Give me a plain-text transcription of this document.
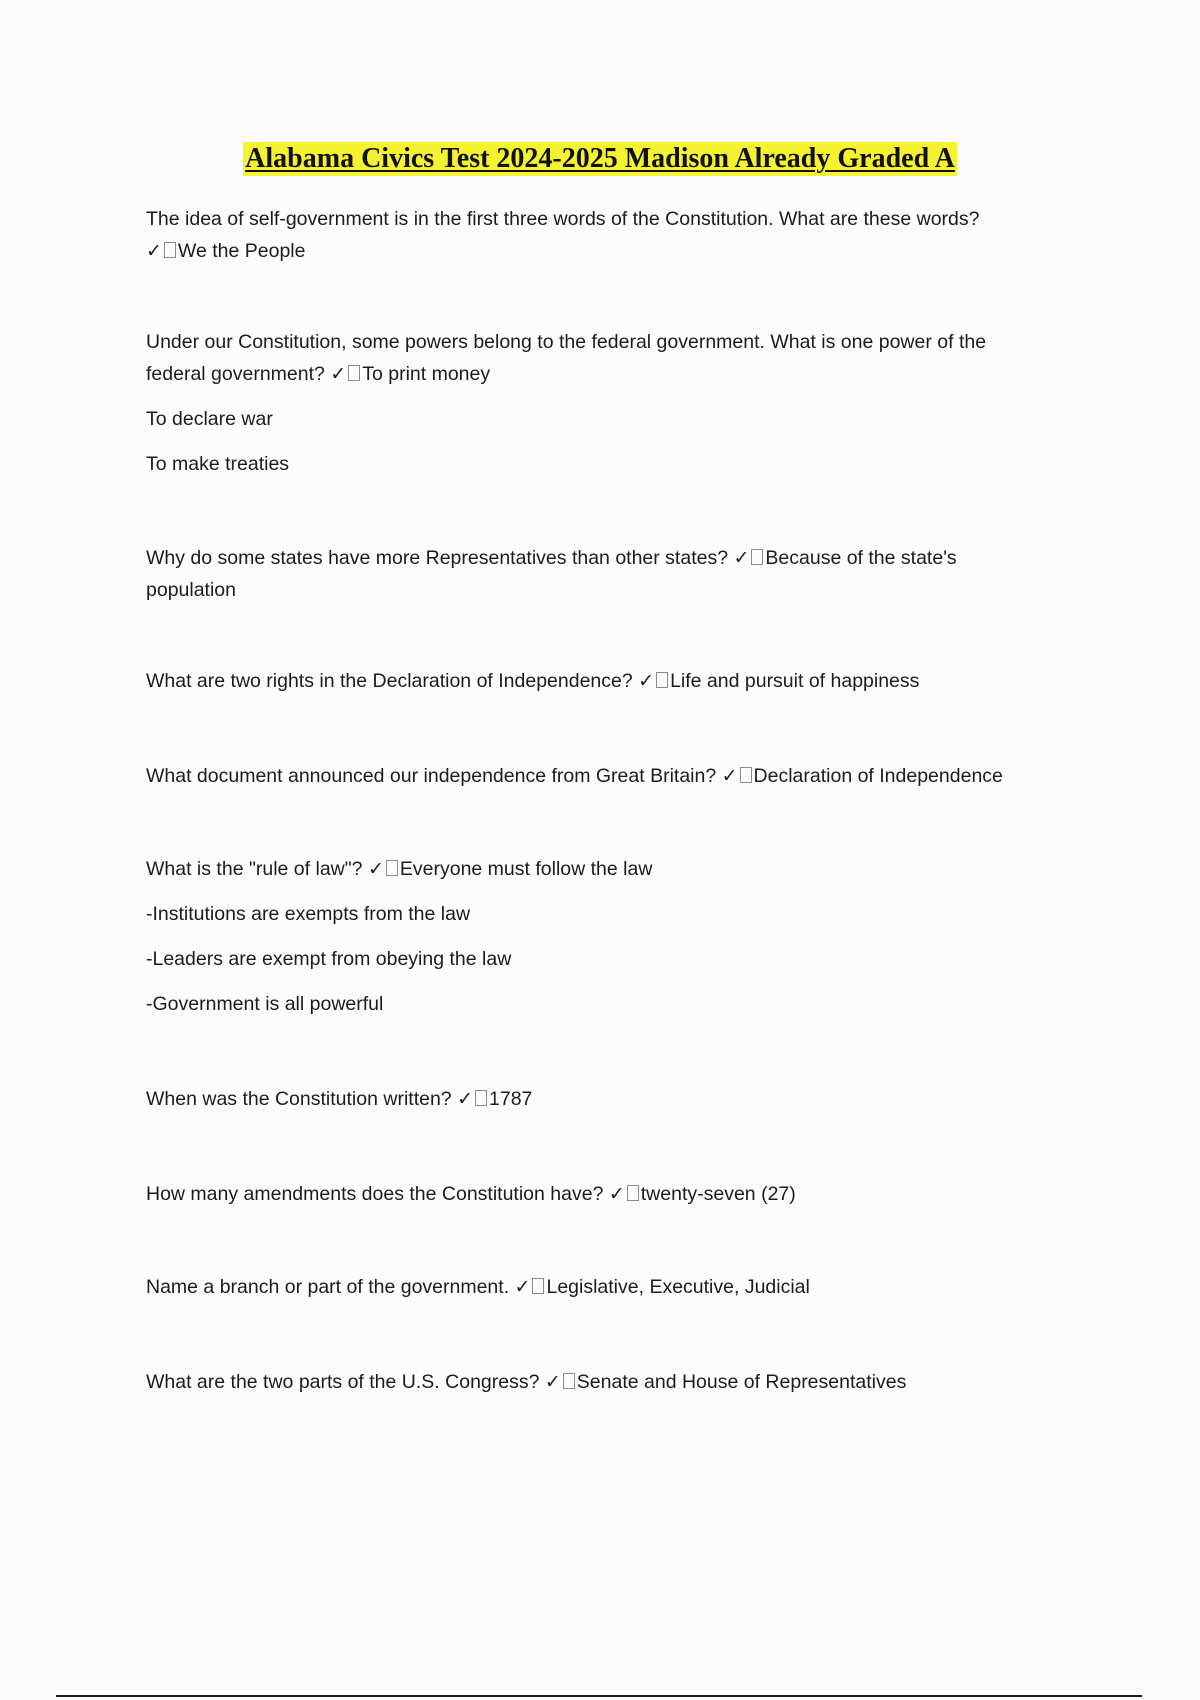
Alabama Civics Test 2024-2025 Madison Already Graded A
The idea of self-government is in the first three words of the Constitution. What are these words?
✓ We the People
Under our Constitution, some powers belong to the federal government. What is one power of the
federal government? ✓ To print money
To declare war
To make treaties
Why do some states have more Representatives than other states? ✓ Because of the state's
population
What are two rights in the Declaration of Independence? ✓ Life and pursuit of happiness
What document announced our independence from Great Britain? ✓ Declaration of Independence
What is the "rule of law"? ✓ Everyone must follow the law
-Institutions are exempts from the law
-Leaders are exempt from obeying the law
-Government is all powerful
When was the Constitution written? ✓ 1787
How many amendments does the Constitution have? ✓ twenty-seven (27)
Name a branch or part of the government. ✓ Legislative, Executive, Judicial
What are the two parts of the U.S. Congress? ✓ Senate and House of Representatives
